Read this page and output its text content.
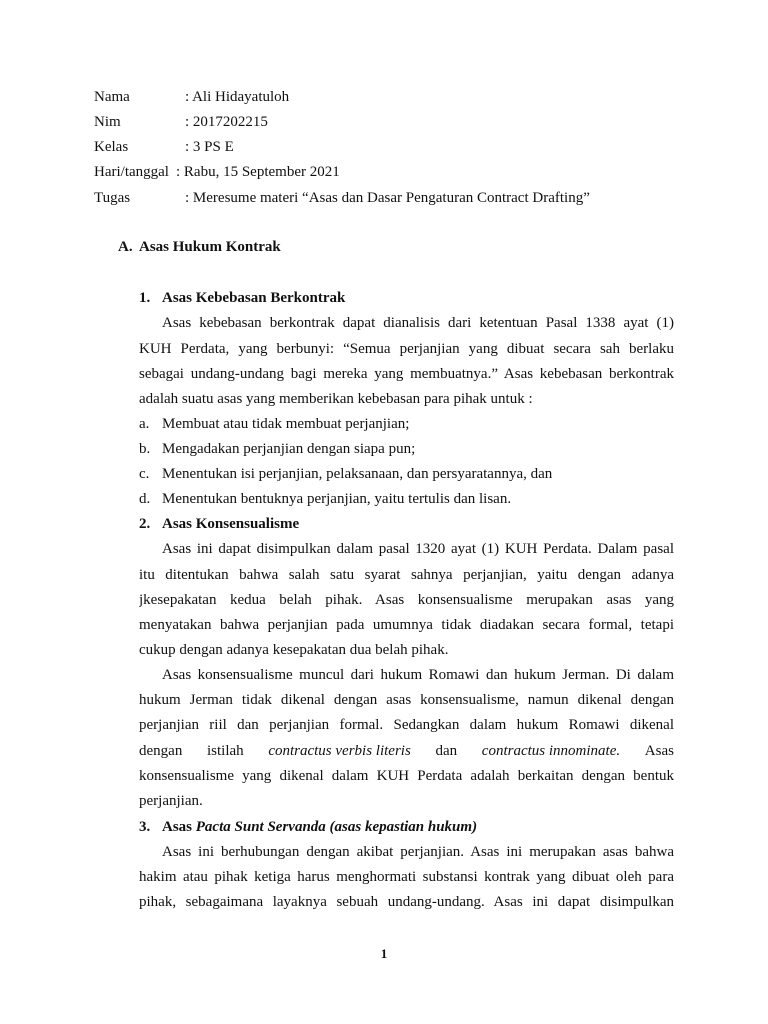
Nama	: Ali Hidayatuloh
Nim	: 2017202215
Kelas	: 3 PS E
Hari/tanggal : Rabu, 15 September 2021
Tugas	: Meresume materi “Asas dan Dasar Pengaturan Contract Drafting”
A. Asas Hukum Kontrak
1. Asas Kebebasan Berkontrak
Asas kebebasan berkontrak dapat dianalisis dari ketentuan Pasal 1338 ayat (1)
KUH Perdata, yang berbunyi: “Semua perjanjian yang dibuat secara sah berlaku
sebagai undang-undang bagi mereka yang membuatnya.” Asas kebebasan berkontrak
adalah suatu asas yang memberikan kebebasan para pihak untuk :
a. Membuat atau tidak membuat perjanjian;
b. Mengadakan perjanjian dengan siapa pun;
c. Menentukan isi perjanjian, pelaksanaan, dan persyaratannya, dan
d. Menentukan bentuknya perjanjian, yaitu tertulis dan lisan.
2. Asas Konsensualisme
Asas ini dapat disimpulkan dalam pasal 1320 ayat (1) KUH Perdata. Dalam pasal
itu ditentukan bahwa salah satu syarat sahnya perjanjian, yaitu dengan adanya
jkesepakatan kedua belah pihak. Asas konsensualisme merupakan asas yang
menyatakan bahwa perjanjian pada umumnya tidak diadakan secara formal, tetapi
cukup dengan adanya kesepakatan dua belah pihak.
Asas konsensualisme muncul dari hukum Romawi dan hukum Jerman. Di dalam
hukum Jerman tidak dikenal dengan asas konsensualisme, namun dikenal dengan
perjanjian riil dan perjanjian formal. Sedangkan dalam hukum Romawi dikenal
dengan istilah contractus verbis literis dan contractus innominate. Asas
konsensualisme yang dikenal dalam KUH Perdata adalah berkaitan dengan bentuk
perjanjian.
3. Asas Pacta Sunt Servanda (asas kepastian hukum)
Asas ini berhubungan dengan akibat perjanjian. Asas ini merupakan asas bahwa
hakim atau pihak ketiga harus menghormati substansi kontrak yang dibuat oleh para
pihak, sebagaimana layaknya sebuah undang-undang. Asas ini dapat disimpulkan
1
